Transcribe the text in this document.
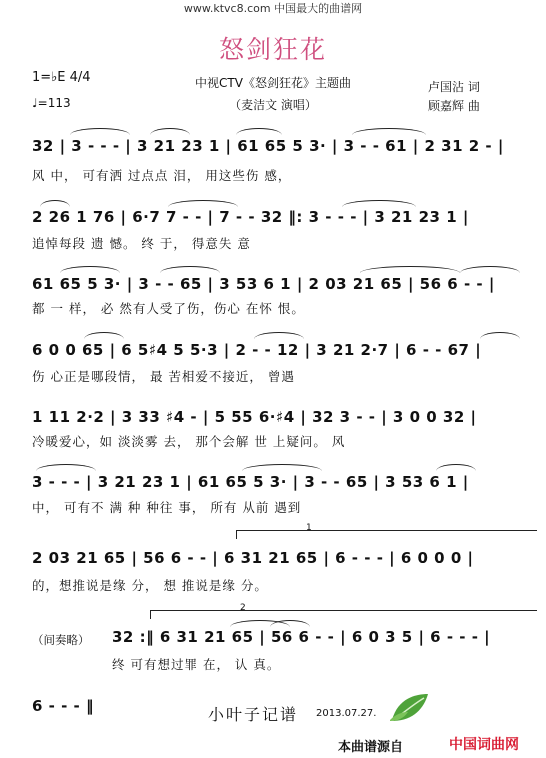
www.ktvc8.com 中国最大的曲谱网
怒剑狂花
1=♭E 4/4
♩=113
中视CTV《怒剑狂花》主题曲
（麦洁文 演唱）
卢国沾 词
顾嘉辉 曲
32 | 3 - - - | 3 21 23 1 | 61 65 5 3· | 3 - - 61 | 2 31 2 - |
风 中， 可有洒 过点点 泪， 用这些伤 感，
2 26 1 76 | 6·7 7 - - | 7 - - 32 ‖: 3 - - - | 3 21 23 1 |
追悼每段 遗 憾。 终 于， 得意失 意
61 65 5 3· | 3 - - 65 | 3 53 6 1 | 2 03 21 65 | 56 6 - - |
都 一 样， 必 然有人受了伤，伤心 在怀 恨。
6 0 0 65 | 6 5♯4 5 5·3 | 2 - - 12 | 3 21 2·7 | 6 - - 67 |
伤 心正是哪段情， 最 苦相爱不接近， 曾遇
1 11 2·2 | 3 33 ♯4 - | 5 55 6·♯4 | 32 3 - - | 3 0 0 32 |
冷暖爱心，如 淡淡雾 去， 那个会解 世 上疑问。 风
3 - - - | 3 21 23 1 | 61 65 5 3· | 3 - - 65 | 3 53 6 1 |
中， 可有不 满 种 种往 事， 所有 从前 遇到
1
2 03 21 65 | 56 6 - - | 6 31 21 65 | 6 - - - | 6 0 0 0 |
的，想推说是缘 分， 想 推说是缘 分。
2
（间奏略） 32 :‖ 6 31 21 65 | 56 6 - - | 6 0 3 5 | 6 - - - |
终 可有想过罪 在， 认 真。
6 - - - ‖	小叶子记谱 2013.07.27.
本曲谱源自	中国词曲网
